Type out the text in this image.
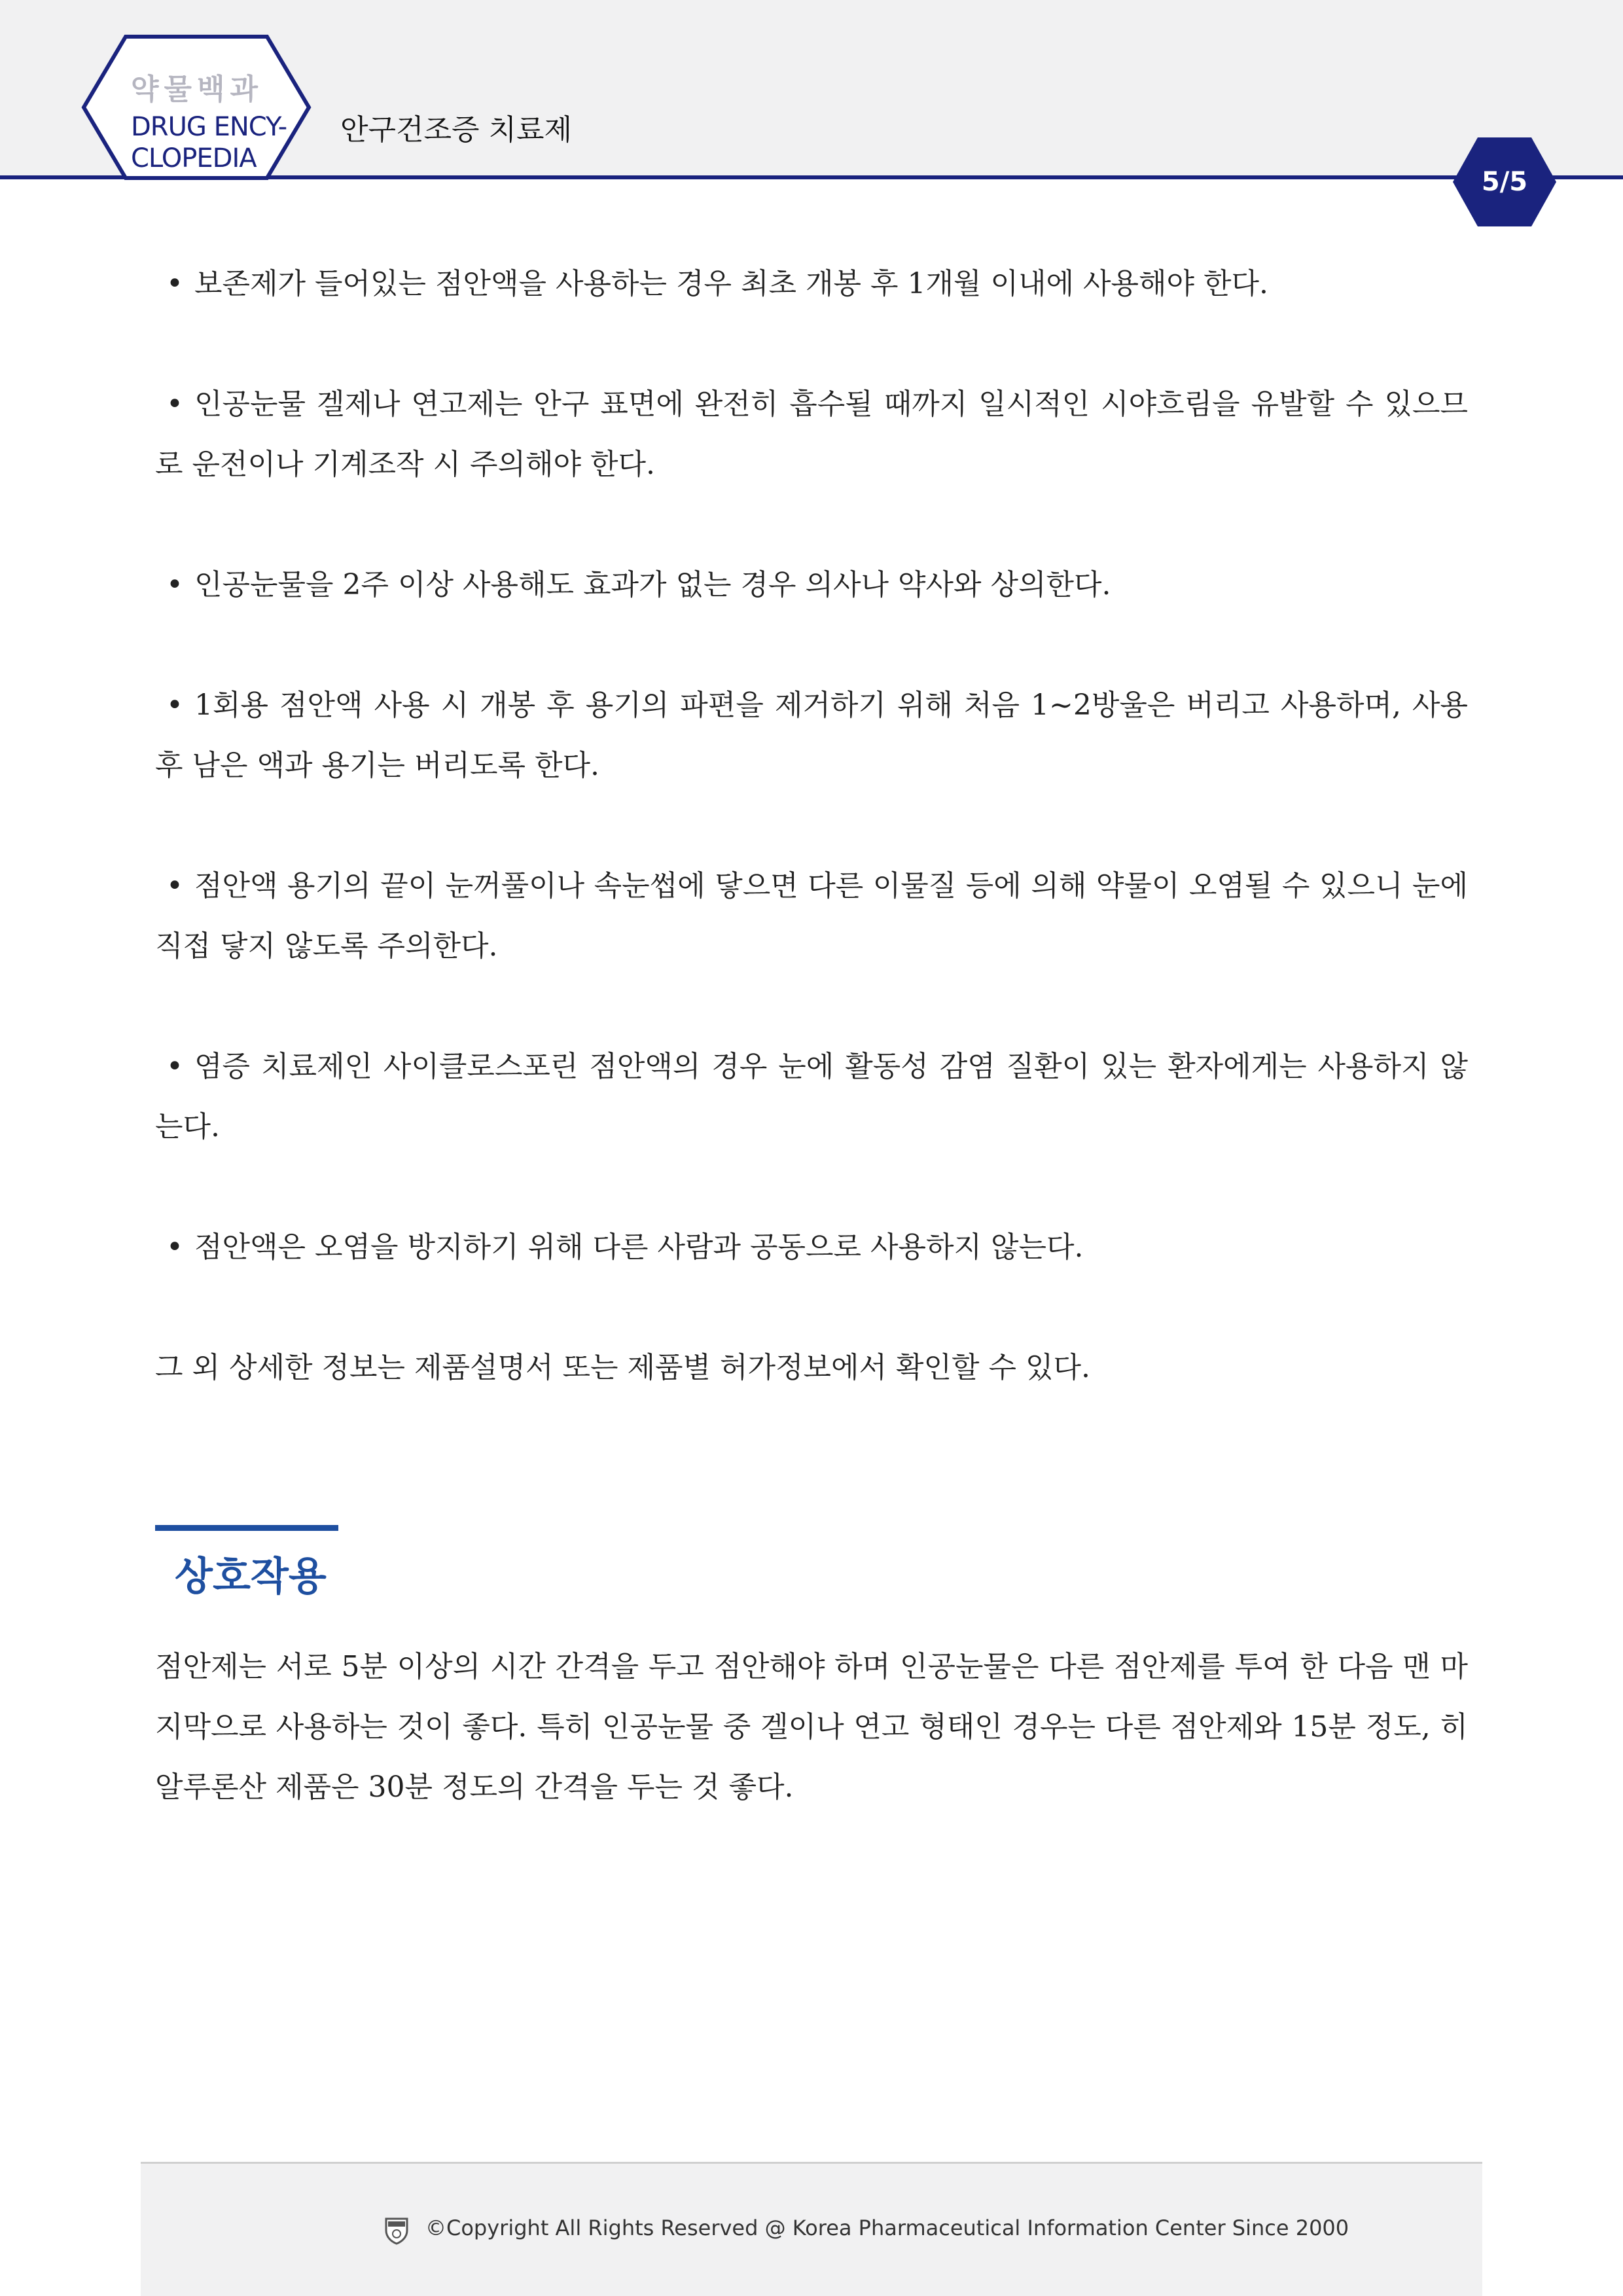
약물백과
DRUG ENCY-CLOPEDIA
안구건조증 치료제
5/5

• 보존제가 들어있는 점안액을 사용하는 경우 최초 개봉 후 1개월 이내에 사용해야 한다.

• 인공눈물 겔제나 연고제는 안구 표면에 완전히 흡수될 때까지 일시적인 시야흐림을 유발할 수 있으므로 운전이나 기계조작 시 주의해야 한다.

• 인공눈물을 2주 이상 사용해도 효과가 없는 경우 의사나 약사와 상의한다.

• 1회용 점안액 사용 시 개봉 후 용기의 파편을 제거하기 위해 처음 1~2방울은 버리고 사용하며, 사용 후 남은 액과 용기는 버리도록 한다.

• 점안액 용기의 끝이 눈꺼풀이나 속눈썹에 닿으면 다른 이물질 등에 의해 약물이 오염될 수 있으니 눈에 직접 닿지 않도록 주의한다.

• 염증 치료제인 사이클로스포린 점안액의 경우 눈에 활동성 감염 질환이 있는 환자에게는 사용하지 않는다.

• 점안액은 오염을 방지하기 위해 다른 사람과 공동으로 사용하지 않는다.

그 외 상세한 정보는 제품설명서 또는 제품별 허가정보에서 확인할 수 있다.

상호작용

점안제는 서로 5분 이상의 시간 간격을 두고 점안해야 하며 인공눈물은 다른 점안제를 투여 한 다음 맨 마지막으로 사용하는 것이 좋다. 특히 인공눈물 중 겔이나 연고 형태인 경우는 다른 점안제와 15분 정도, 히알루론산 제품은 30분 정도의 간격을 두는 것 좋다.

©Copyright All Rights Reserved @ Korea Pharmaceutical Information Center Since 2000
